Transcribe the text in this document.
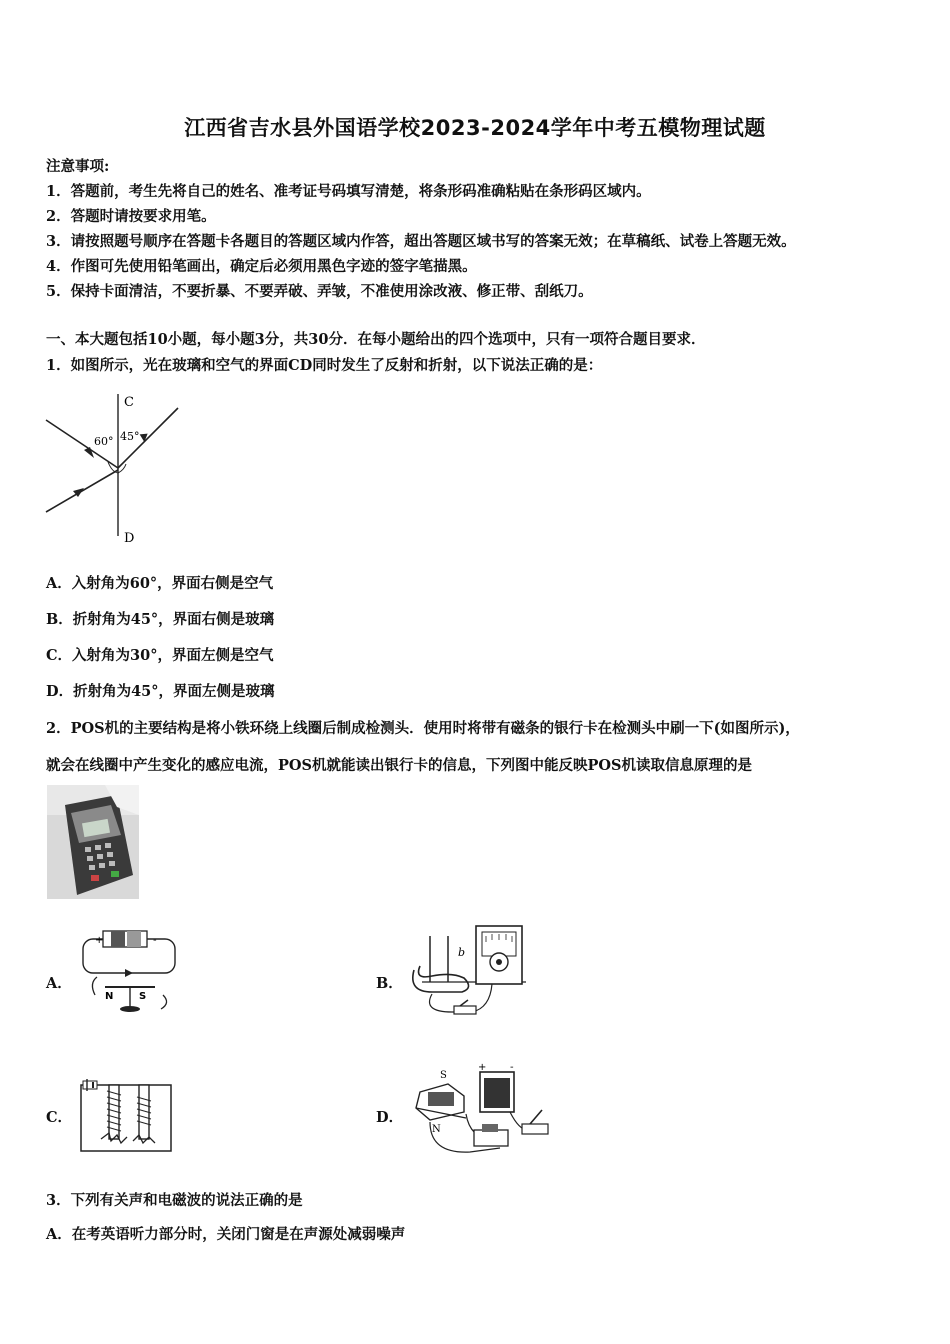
江西省吉水县外国语学校2023-2024学年中考五模物理试题
注意事项:
1．答题前，考生先将自己的姓名、准考证号码填写清楚，将条形码准确粘贴在条形码区域内。
2．答题时请按要求用笔。
3．请按照题号顺序在答题卡各题目的答题区域内作答，超出答题区域书写的答案无效；在草稿纸、试卷上答题无效。
4．作图可先使用铅笔画出，确定后必须用黑色字迹的签字笔描黑。
5．保持卡面清洁，不要折暴、不要弄破、弄皱，不准使用涂改液、修正带、刮纸刀。
一、本大题包括10小题，每小题3分，共30分．在每小题给出的四个选项中，只有一项符合题目要求．
1．如图所示，光在玻璃和空气的界面CD同时发生了反射和折射，以下说法正确的是：
C
D
60° 45°
A．入射角为60°，界面右侧是空气
B．折射角为45°，界面右侧是玻璃
C．入射角为30°，界面左侧是空气
D．折射角为45°，界面左侧是玻璃
2．POS机的主要结构是将小铁环绕上线圈后制成检测头．使用时将带有磁条的银行卡在检测头中刷一下(如图所示)，
就会在线圈中产生变化的感应电流，POS机就能读出银行卡的信息，下列图中能反映POS机读取信息原理的是
A．
+	-
N	S
B．
b
C．	D．
S
N
+ -
3．下列有关声和电磁波的说法正确的是
A．在考英语听力部分时，关闭门窗是在声源处减弱噪声
